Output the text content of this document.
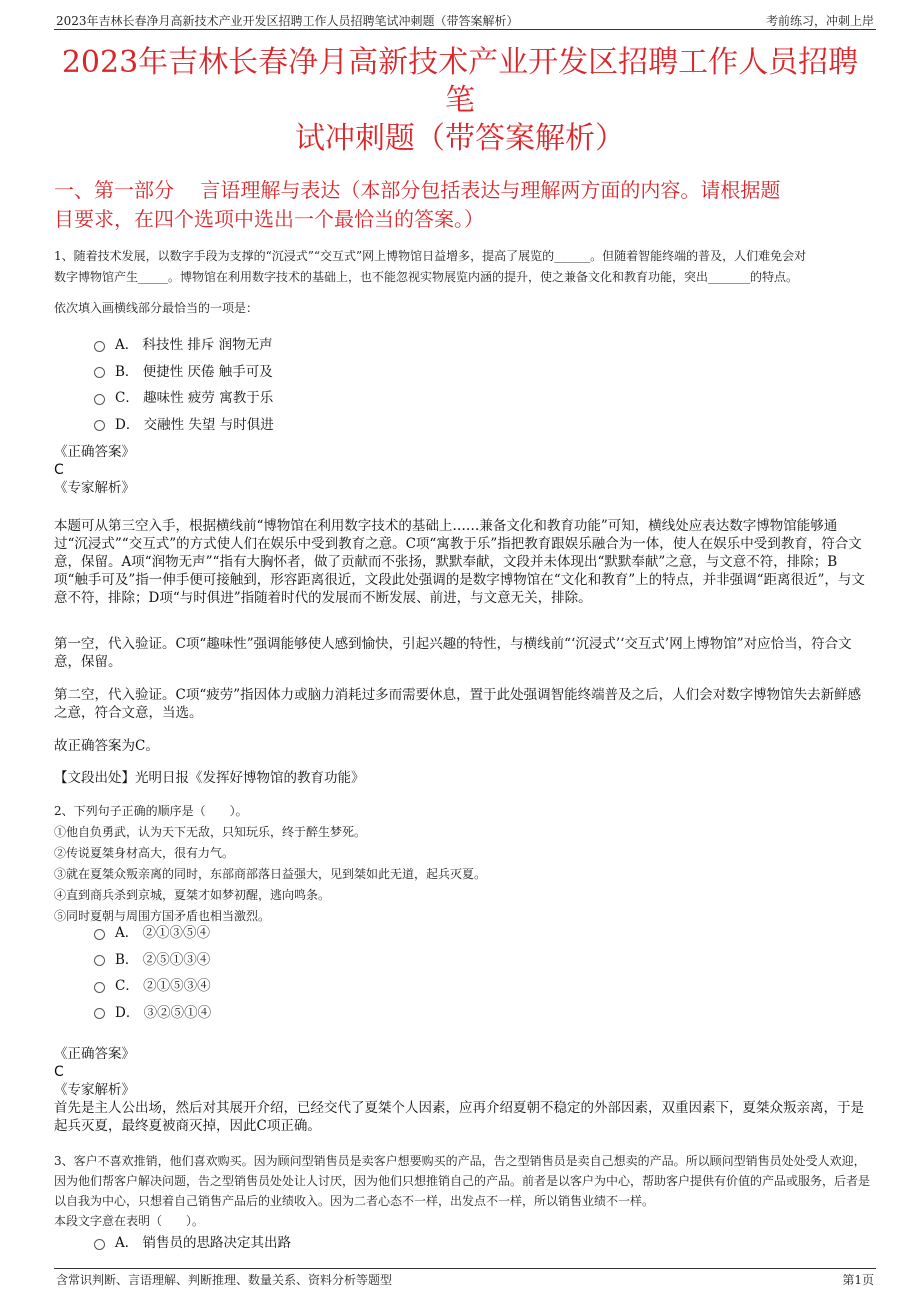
2023年吉林长春净月高新技术产业开发区招聘工作人员招聘笔试冲刺题（带答案解析）	考前练习，冲刺上岸
2023年吉林长春净月高新技术产业开发区招聘工作人员招聘笔
试冲刺题（带答案解析）
一、第一部分　 言语理解与表达（本部分包括表达与理解两方面的内容。请根据题
目要求，在四个选项中选出一个最恰当的答案。）
1、随着技术发展，以数字手段为支撑的“沉浸式”“交互式”网上博物馆日益增多，提高了展览的______。但随着智能终端的普及，人们难免会对
数字博物馆产生_____。博物馆在利用数字技术的基础上，也不能忽视实物展览内涵的提升，使之兼备文化和教育功能，突出_______的特点。
依次填入画横线部分最恰当的一项是：
A． 科技性 排斥 润物无声
B． 便捷性 厌倦 触手可及
C． 趣味性 疲劳 寓教于乐
D． 交融性 失望 与时俱进
《正确答案》
C
《专家解析》

本题可从第三空入手，根据横线前“博物馆在利用数字技术的基础上……兼备文化和教育功能”可知，横线处应表达数字博物馆能够通过“沉浸式”“交互式”的方式使人们在娱乐中受到教育之意。C项“寓教于乐”指把教育跟娱乐融合为一体，使人在娱乐中受到教育，符合文意，保留。A项“润物无声”“指有大胸怀者，做了贡献而不张扬，默默奉献，文段并未体现出“默默奉献”之意，与文意不符，排除；B项“触手可及”指一伸手便可接触到，形容距离很近，文段此处强调的是数字博物馆在“文化和教育”上的特点，并非强调“距离很近”，与文意不符，排除；D项“与时俱进”指随着时代的发展而不断发展、前进，与文意无关，排除。

第一空，代入验证。C项“趣味性”强调能够使人感到愉快，引起兴趣的特性，与横线前“‘沉浸式’‘交互式’网上博物馆”对应恰当，符合文意，保留。

第二空，代入验证。C项“疲劳”指因体力或脑力消耗过多而需要休息，置于此处强调智能终端普及之后，人们会对数字博物馆失去新鲜感之意，符合文意，当选。

故正确答案为C。

【文段出处】光明日报《发挥好博物馆的教育功能》

2、下列句子正确的顺序是（　　）。
①他自负勇武，认为天下无敌，只知玩乐，终于醉生梦死。
②传说夏桀身材高大，很有力气。
③就在夏桀众叛亲离的同时，东部商部落日益强大，见到桀如此无道，起兵灭夏。
④直到商兵杀到京城，夏桀才如梦初醒，逃向鸣条。
⑤同时夏朝与周围方国矛盾也相当激烈。
A． ②①③⑤④
B． ②⑤①③④
C． ②①⑤③④
D． ③②⑤①④
《正确答案》
C
《专家解析》

首先是主人公出场，然后对其展开介绍，已经交代了夏桀个人因素，应再介绍夏朝不稳定的外部因素，双重因素下，夏桀众叛亲离，于是起兵灭夏，最终夏被商灭掉，因此C项正确。

3、客户不喜欢推销，他们喜欢购买。因为顾问型销售员是卖客户想要购买的产品，告之型销售员是卖自己想卖的产品。所以顾问型销售员处处受人欢迎，因为他们帮客户解决问题，告之型销售员处处让人讨厌，因为他们只想推销自己的产品。前者是以客户为中心，帮助客户提供有价值的产品或服务，后者是以自我为中心，只想着自己销售产品后的业绩收入。因为二者心态不一样，出发点不一样，所以销售业绩不一样。

本段文字意在表明（　　）。
A． 销售员的思路决定其出路
含常识判断、言语理解、判断推理、数量关系、资料分析等题型	第1页
